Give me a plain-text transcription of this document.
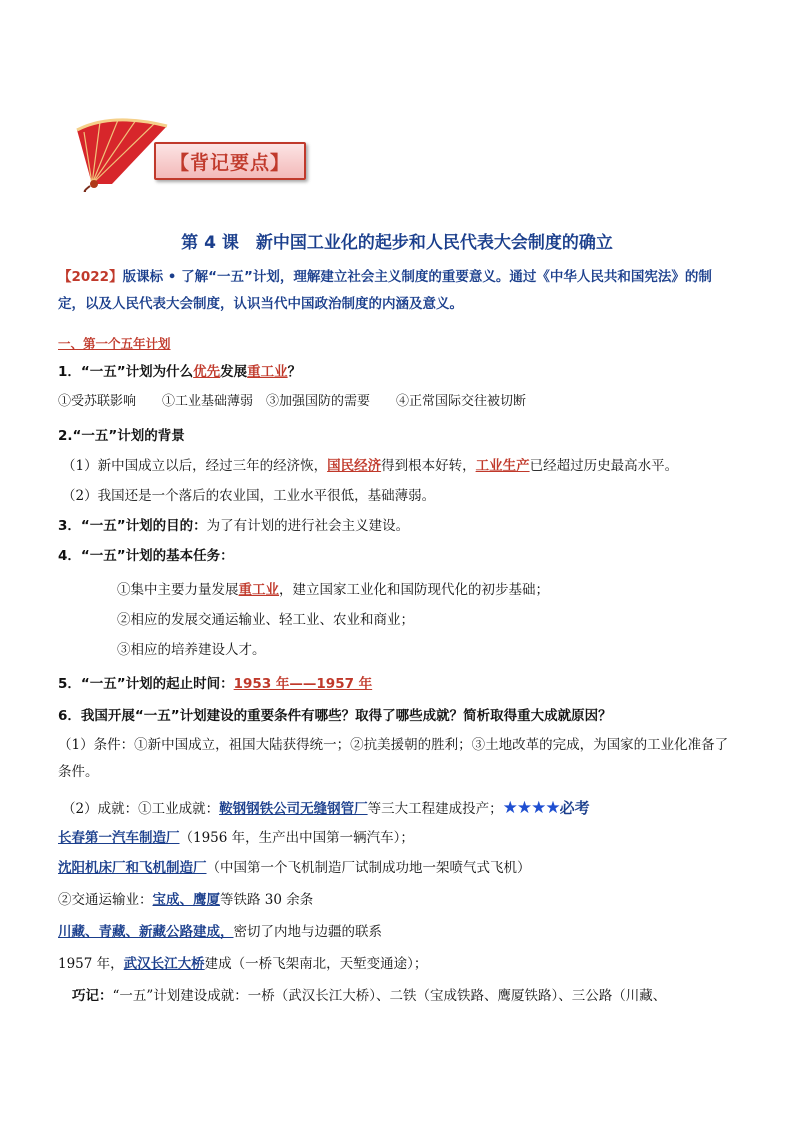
【背记要点】
第 4 课　新中国工业化的起步和人民代表大会制度的确立
【2022】版课标 • 了解“一五”计划，理解建立社会主义制度的重要意义。通过《中华人民共和国宪法》的制定，以及人民代表大会制度，认识当代中国政治制度的内涵及意义。
一、第一个五年计划
1．“一五”计划为什么优先发展重工业？
①受苏联影响　　①工业基础薄弱　③加强国防的需要　　④正常国际交往被切断
2.“一五”计划的背景
（1）新中国成立以后，经过三年的经济恢，国民经济得到根本好转，工业生产已经超过历史最高水平。
（2）我国还是一个落后的农业国，工业水平很低，基础薄弱。
3．“一五”计划的目的：为了有计划的进行社会主义建设。
4．“一五”计划的基本任务：
①集中主要力量发展重工业，建立国家工业化和国防现代化的初步基础；
②相应的发展交通运输业、轻工业、农业和商业；
③相应的培养建设人才。
5．“一五”计划的起止时间：1953 年——1957 年
6．我国开展“一五”计划建设的重要条件有哪些？取得了哪些成就？简析取得重大成就原因？
（1）条件：①新中国成立，祖国大陆获得统一；②抗美援朝的胜利；③土地改革的完成，为国家的工业化准备了条件。
（2）成就：①工业成就：鞍钢钢铁公司无缝钢管厂等三大工程建成投产；★★★★必考
长春第一汽车制造厂（1956 年，生产出中国第一辆汽车）；
沈阳机床厂和飞机制造厂（中国第一个飞机制造厂试制成功地一架喷气式飞机）
②交通运输业：宝成、鹰厦等铁路 30 余条
川藏、青藏、新藏公路建成，密切了内地与边疆的联系
1957 年，武汉长江大桥建成（一桥飞架南北，天堑变通途）；
巧记：“一五”计划建设成就：一桥（武汉长江大桥）、二铁（宝成铁路、鹰厦铁路）、三公路（川藏、
